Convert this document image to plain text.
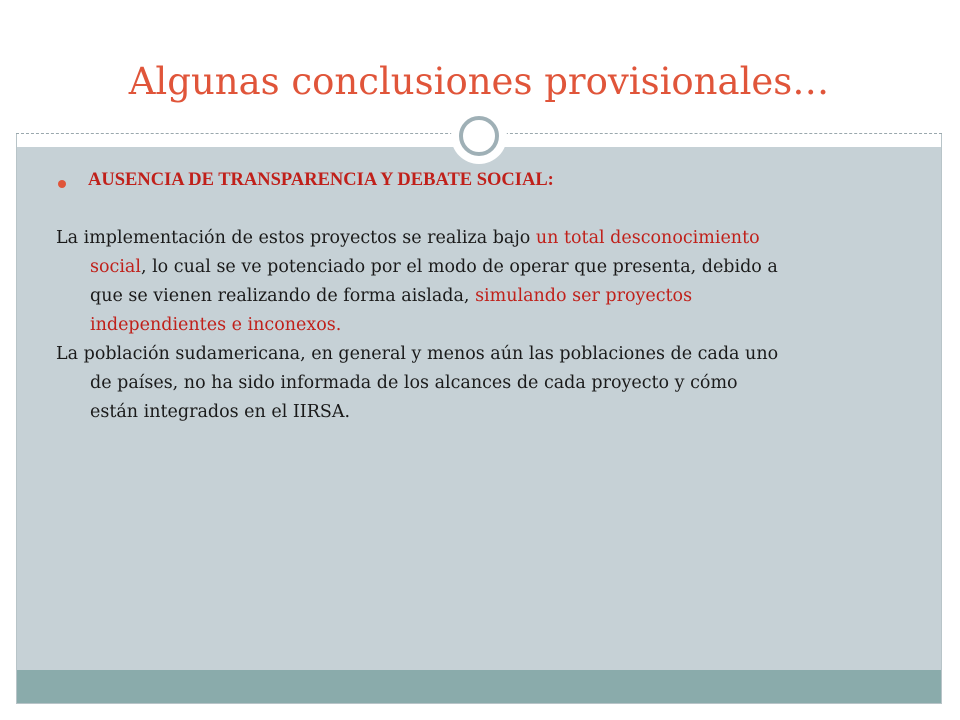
Algunas conclusiones provisionales…
AUSENCIA DE TRANSPARENCIA Y DEBATE SOCIAL:
La implementación de estos proyectos se realiza bajo un total desconocimiento
social, lo cual se ve potenciado por el modo de operar que presenta, debido a
que se vienen realizando de forma aislada, simulando ser proyectos
independientes e inconexos.
La población sudamericana, en general y menos aún las poblaciones de cada uno
de países, no ha sido informada de los alcances de cada proyecto y cómo
están integrados en el IIRSA.
